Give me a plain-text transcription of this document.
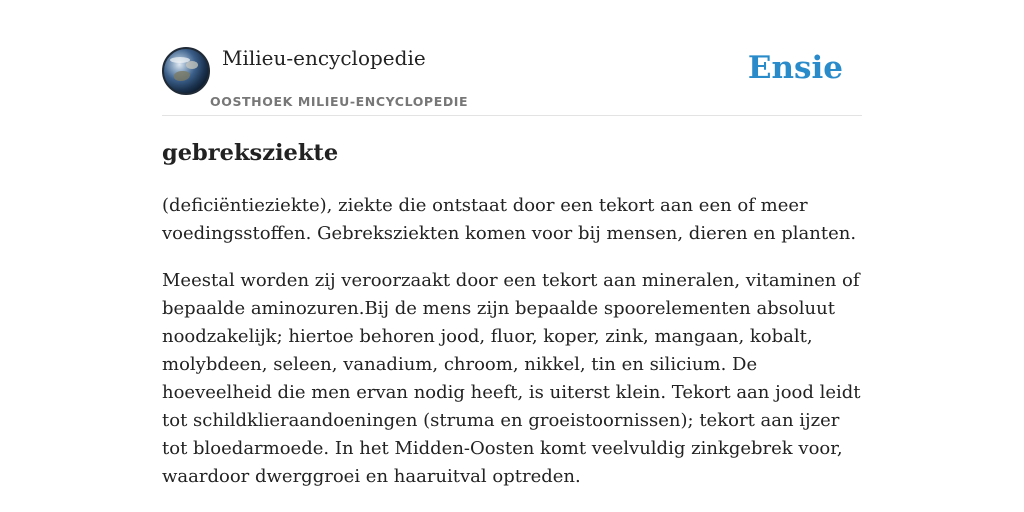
Milieu-encyclopedie
OOSTHOEK MILIEU-ENCYCLOPEDIE
Ensie
gebreksziekte

(deficiëntieziekte), ziekte die ontstaat door een tekort aan een of meer voedingsstoffen. Gebreksziekten komen voor bij mensen, dieren en planten.

Meestal worden zij veroorzaakt door een tekort aan mineralen, vitaminen of bepaalde aminozuren.Bij de mens zijn bepaalde spoorelementen absoluut noodzakelijk; hiertoe behoren jood, fluor, koper, zink, mangaan, kobalt, molybdeen, seleen, vanadium, chroom, nikkel, tin en silicium. De hoeveelheid die men ervan nodig heeft, is uiterst klein. Tekort aan jood leidt tot schildklieraandoeningen (struma en groeistoornissen); tekort aan ijzer tot bloedarmoede. In het Midden-Oosten komt veelvuldig zinkgebrek voor, waardoor dwerggroei en haaruitval optreden.
